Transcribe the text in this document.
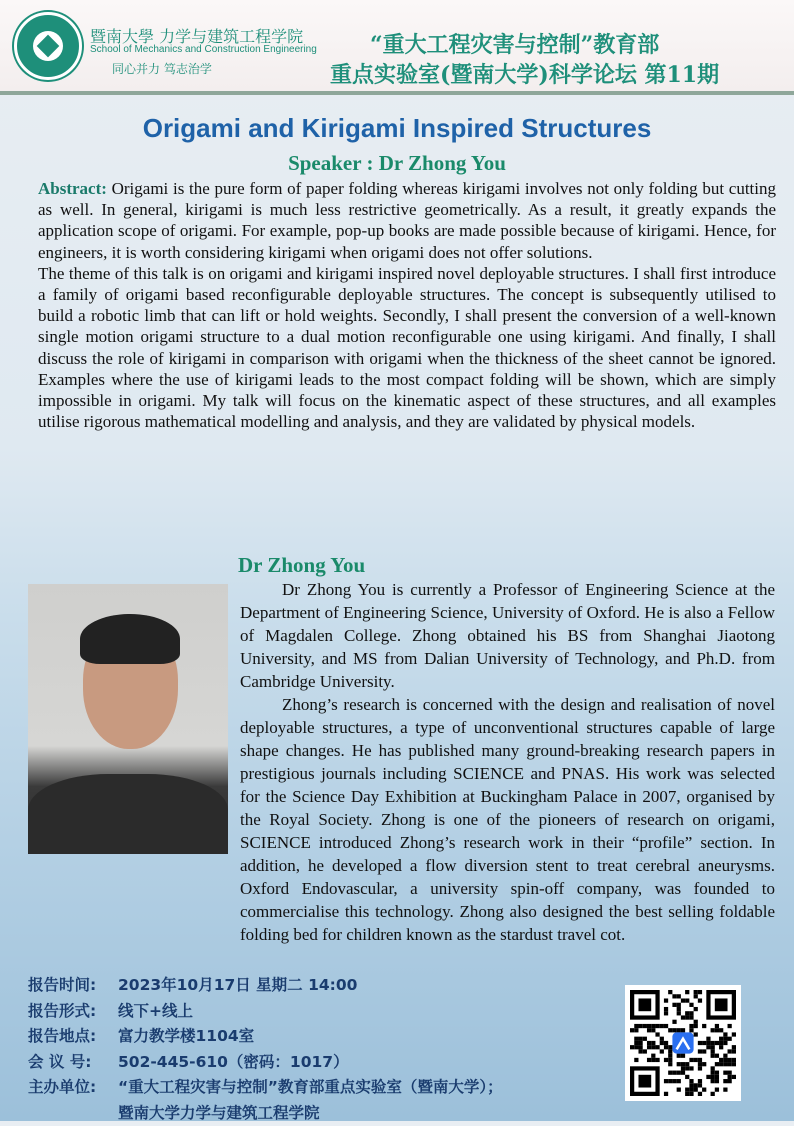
暨南大學 力学与建筑工程学院
School of Mechanics and Construction Engineering
同心并力 笃志治学
“重大工程灾害与控制”教育部
重点实验室(暨南大学)科学论坛 第11期
Origami and Kirigami Inspired Structures
Speaker : Dr Zhong You

Abstract: Origami is the pure form of paper folding whereas kirigami involves not only folding but cutting as well. In general, kirigami is much less restrictive geometrically. As a result, it greatly expands the application scope of origami. For example, pop-up books are made possible because of kirigami. Hence, for engineers, it is worth considering kirigami when origami does not offer solutions.

The theme of this talk is on origami and kirigami inspired novel deployable structures. I shall first introduce a family of origami based reconfigurable deployable structures. The concept is subsequently utilised to build a robotic limb that can lift or hold weights. Secondly, I shall present the conversion of a well-known single motion origami structure to a dual motion reconfigurable one using kirigami. And finally, I shall discuss the role of kirigami in comparison with origami when the thickness of the sheet cannot be ignored. Examples where the use of kirigami leads to the most compact folding will be shown, which are simply impossible in origami. My talk will focus on the kinematic aspect of these structures, and all examples utilise rigorous mathematical modelling and analysis, and they are validated by physical models.

Dr Zhong You

Dr Zhong You is currently a Professor of Engineering Science at the Department of Engineering Science, University of Oxford. He is also a Fellow of Magdalen College. Zhong obtained his BS from Shanghai Jiaotong University, and MS from Dalian University of Technology, and Ph.D. from Cambridge University.

Zhong’s research is concerned with the design and realisation of novel deployable structures, a type of unconventional structures capable of large shape changes. He has published many ground-breaking research papers in prestigious journals including SCIENCE and PNAS. His work was selected for the Science Day Exhibition at Buckingham Palace in 2007, organised by the Royal Society. Zhong is one of the pioneers of research on origami, SCIENCE introduced Zhong’s research work in their “profile” section. In addition, he developed a flow diversion stent to treat cerebral aneurysms. Oxford Endovascular, a university spin-off company, was founded to commercialise this technology. Zhong also designed the best selling foldable folding bed for children known as the stardust travel cot.

报告时间:	2023年10月17日 星期二 14:00
报告形式:	线下+线上
报告地点:	富力教学楼1104室
会 议 号:	502-445-610（密码：1017）
主办单位:	“重大工程灾害与控制”教育部重点实验室（暨南大学）；
暨南大学力学与建筑工程学院
